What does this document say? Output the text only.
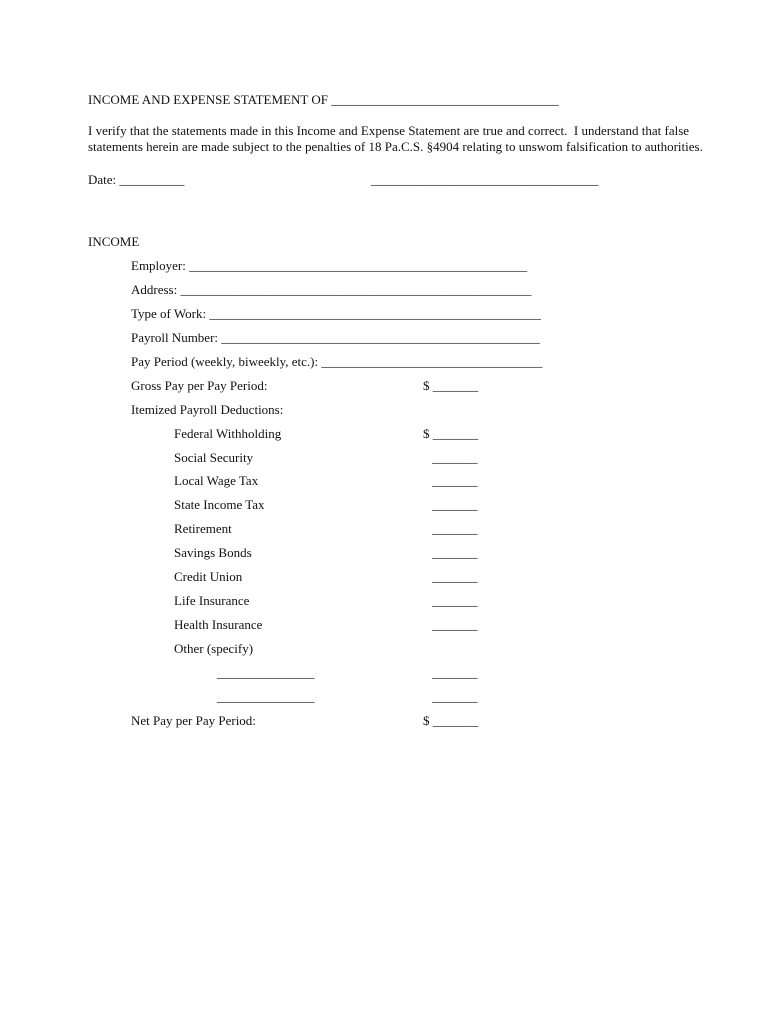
INCOME AND EXPENSE STATEMENT OF ___________________________________
I verify that the statements made in this Income and Expense Statement are true and correct.  I understand that false
statements herein are made subject to the penalties of 18 Pa.C.S. §4904 relating to unswom falsification to authorities.
Date: __________	___________________________________
INCOME
Employer: ____________________________________________________
Address: ______________________________________________________
Type of Work: ___________________________________________________
Payroll Number: _________________________________________________
Pay Period (weekly, biweekly, etc.): __________________________________
Gross Pay per Pay Period:	$ _______
Itemized Payroll Deductions:
Federal Withholding	$ _______
Social Security	_______
Local Wage Tax	_______
State Income Tax	_______
Retirement	_______
Savings Bonds	_______
Credit Union	_______
Life Insurance	_______
Health Insurance	_______
Other (specify)
_______________	_______
_______________	_______
Net Pay per Pay Period:	$ _______
